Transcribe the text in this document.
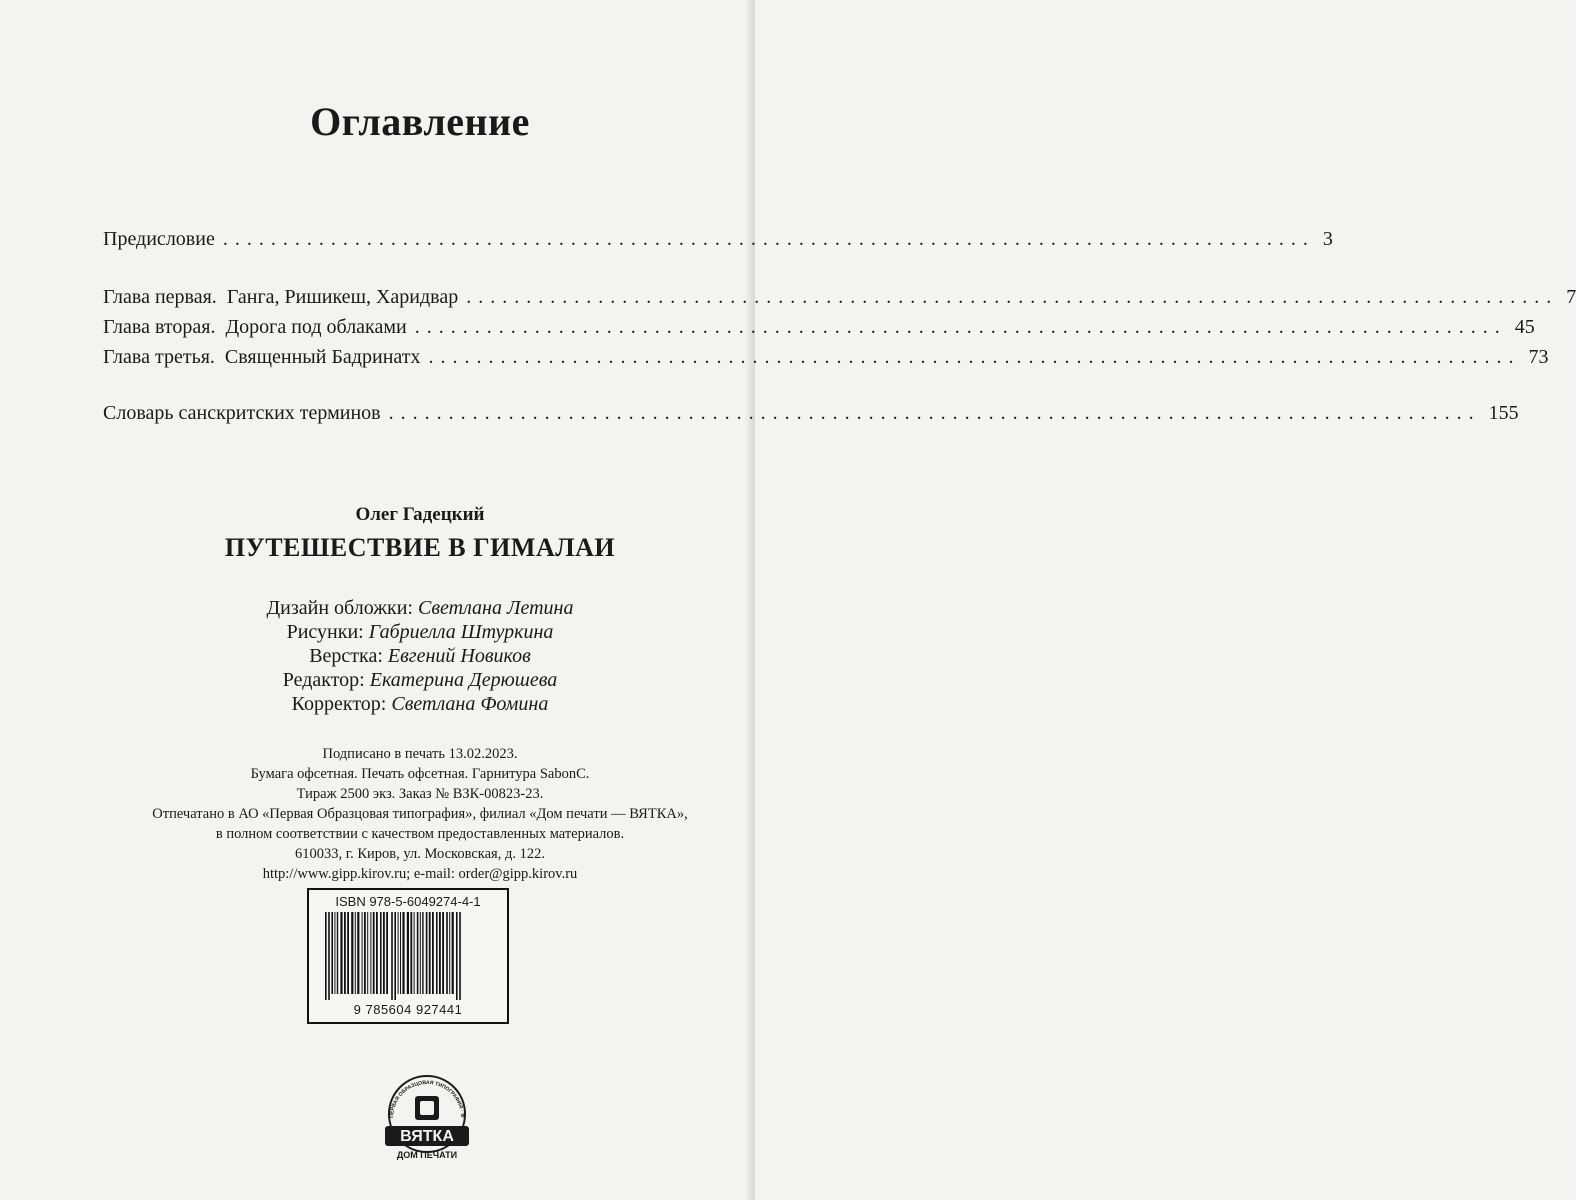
Оглавление
Предисловие ........................................................................................... 3
Глава первая. Ганга, Ришикеш, Харидвар ........................................................................................... 7
Глава вторая. Дорога под облаками ........................................................................................... 45
Глава третья. Священный Бадринатх ........................................................................................... 73
Словарь санскритских терминов ........................................................................................... 155
Олег Гадецкий
ПУТЕШЕСТВИЕ В ГИМАЛАИ
Дизайн обложки: Светлана Летина
Рисунки: Габриелла Штуркина
Верстка: Евгений Новиков
Редактор: Екатерина Дерюшева
Корректор: Светлана Фомина
Подписано в печать 13.02.2023.
Бумага офсетная. Печать офсетная. Гарнитура SabonC.
Тираж 2500 экз. Заказ № ВЗК-00823-23.
Отпечатано в АО «Первая Образцовая типография», филиал «Дом печати — ВЯТКА»,
в полном соответствии с качеством предоставленных материалов.
610033, г. Киров, ул. Московская, д. 122.
http://www.gipp.kirov.ru; e-mail: order@gipp.kirov.ru
ISBN 978-5-6049274-4-1
9 785604 927441
ПЕРВАЯ ОБРАЗЦОВАЯ ТИПОГРАФИЯ · Ф
ВЯТКА
ДОМ ПЕЧАТИ
